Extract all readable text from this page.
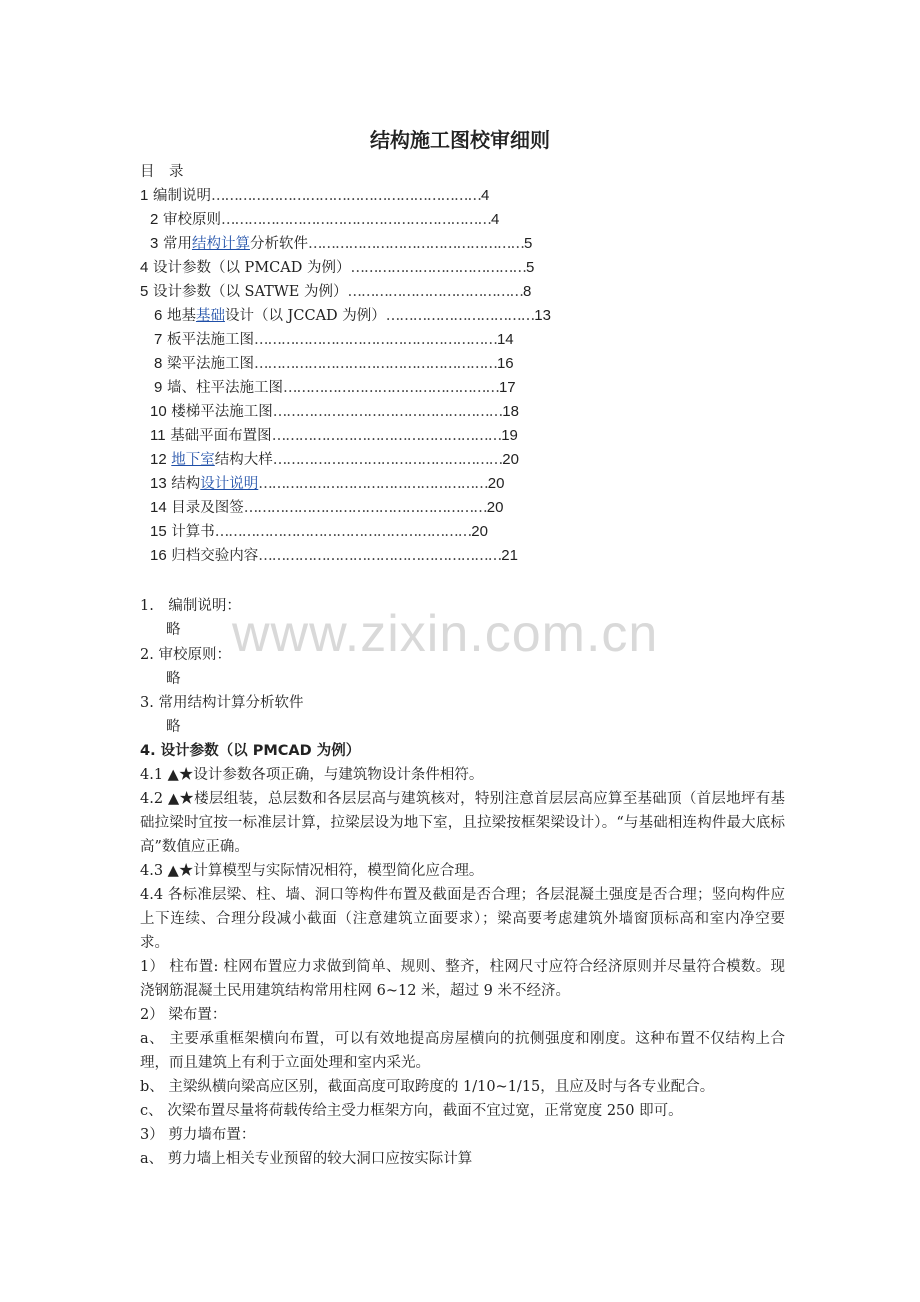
结构施工图校审细则
目　录
1 编制说明……………………………………………………4
2 审校原则……………………………………………………4
3 常用结构计算分析软件…………………………………………5
4 设计参数（以 PMCAD 为例）…………………………………5
5 设计参数（以 SATWE 为例）…………………………………8
6 地基基础设计（以 JCCAD 为例）……………………………13
7 板平法施工图………………………………………………14
8 梁平法施工图………………………………………………16
9 墙、柱平法施工图…………………………………………17
10 楼梯平法施工图……………………………………………18
11 基础平面布置图……………………………………………19
12 地下室结构大样……………………………………………20
13 结构设计说明……………………………………………20
14 目录及图签………………………………………………20
15 计算书…………………………………………………20
16 归档交验内容………………………………………………21
1.　编制说明：
略
2. 审校原则：
略
3. 常用结构计算分析软件
略
4. 设计参数（以 PMCAD 为例）
4.1 ▲★设计参数各项正确，与建筑物设计条件相符。
4.2 ▲★楼层组装，总层数和各层层高与建筑核对，特别注意首层层高应算至基础顶（首层地坪有基础拉梁时宜按一标准层计算，拉梁层设为地下室，且拉梁按框架梁设计）。“与基础相连构件最大底标高”数值应正确。
4.3 ▲★计算模型与实际情况相符，模型简化应合理。
4.4 各标准层梁、柱、墙、洞口等构件布置及截面是否合理；各层混凝土强度是否合理；竖向构件应上下连续、合理分段减小截面（注意建筑立面要求）；梁高要考虑建筑外墙窗顶标高和室内净空要求。
1） 柱布置: 柱网布置应力求做到简单、规则、整齐，柱网尺寸应符合经济原则并尽量符合模数。现浇钢筋混凝土民用建筑结构常用柱网 6~12 米，超过 9 米不经济。
2） 梁布置：
a、 主要承重框架横向布置，可以有效地提高房屋横向的抗侧强度和刚度。这种布置不仅结构上合理，而且建筑上有利于立面处理和室内采光。
b、 主梁纵横向梁高应区别，截面高度可取跨度的 1/10~1/15，且应及时与各专业配合。
c、 次梁布置尽量将荷载传给主受力框架方向，截面不宜过宽，正常宽度 250 即可。
3） 剪力墙布置：
a、 剪力墙上相关专业预留的较大洞口应按实际计算
www.zixin.com.cn
